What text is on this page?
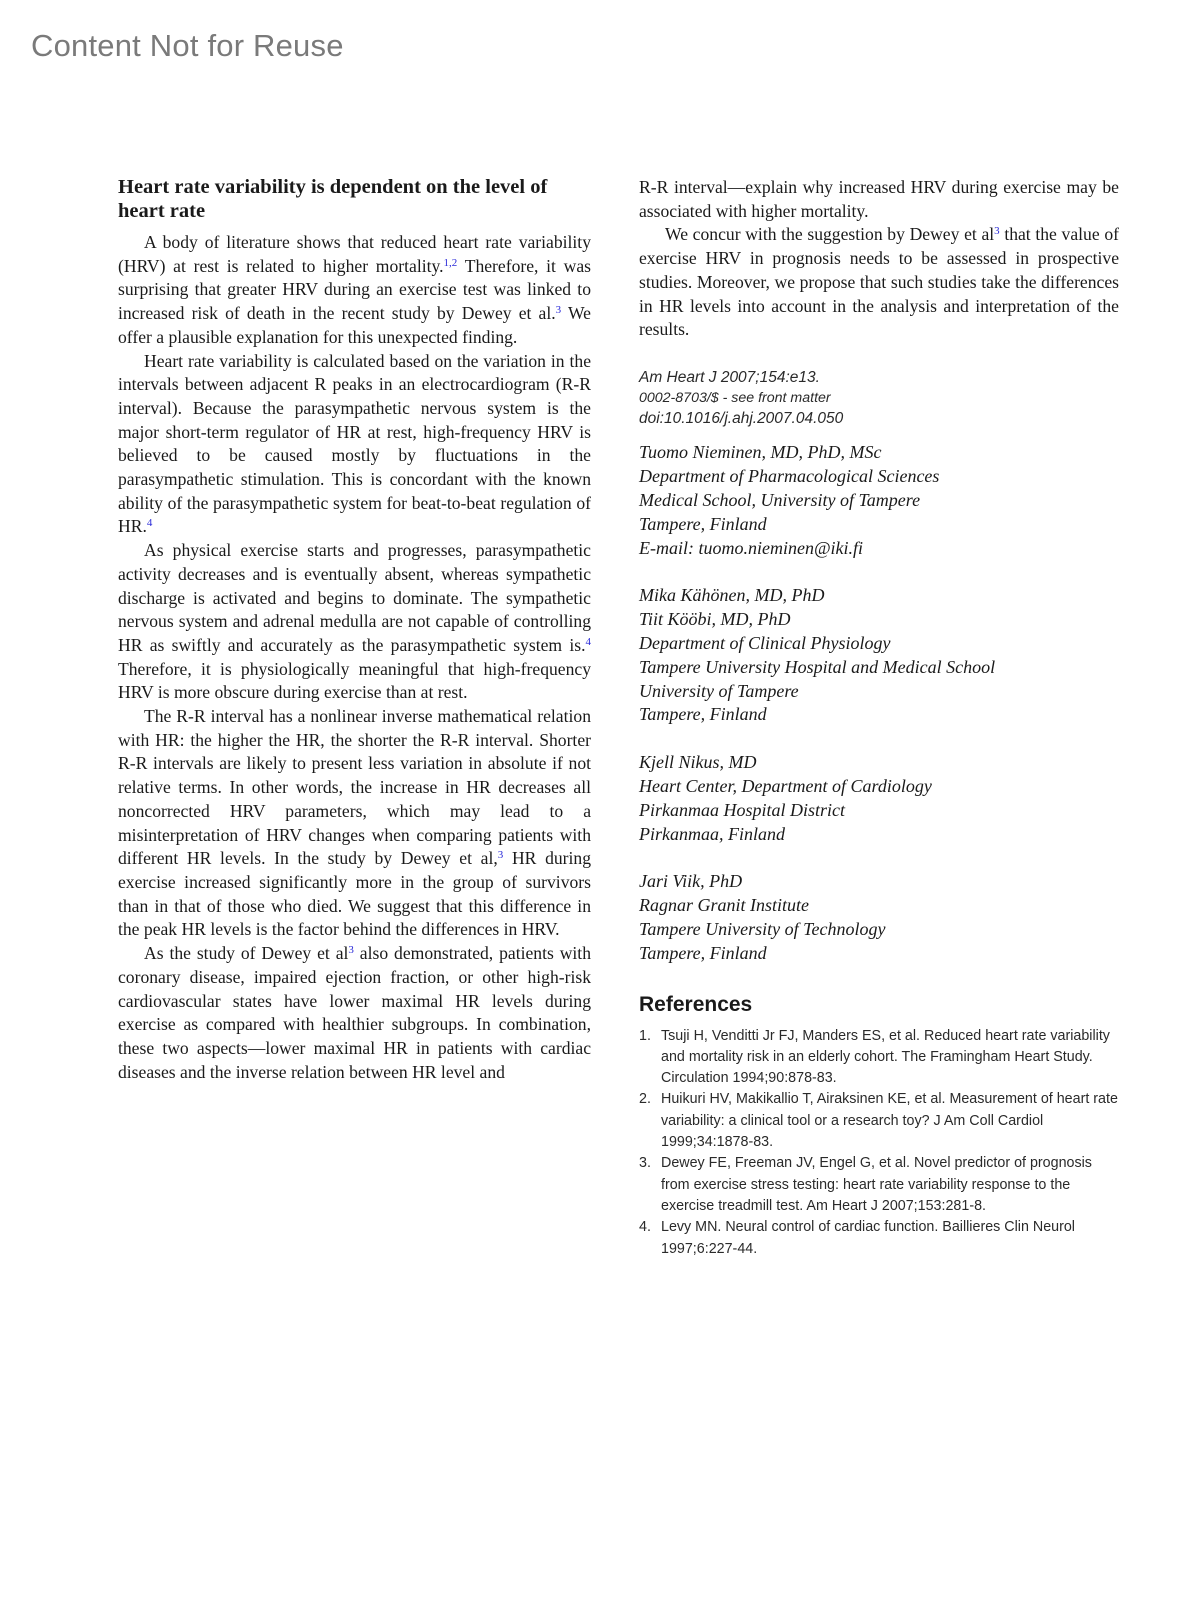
Content Not for Reuse
Heart rate variability is dependent on the level of heart rate

A body of literature shows that reduced heart rate variability (HRV) at rest is related to higher mortality.$^{1,2}$ Therefore, it was surprising that greater HRV during an exercise test was linked to increased risk of death in the recent study by Dewey et al.$^3$ We offer a plausible explanation for this unexpected finding.

Heart rate variability is calculated based on the variation in the intervals between adjacent R peaks in an electrocardiogram (R-R interval). Because the parasympathetic nervous system is the major short-term regulator of HR at rest, high-frequency HRV is believed to be caused mostly by fluctuations in the parasympathetic stimulation. This is concordant with the known ability of the parasympathetic system for beat-to-beat regulation of HR.$^4$

As physical exercise starts and progresses, parasympathetic activity decreases and is eventually absent, whereas sympathetic discharge is activated and begins to dominate. The sympathetic nervous system and adrenal medulla are not capable of controlling HR as swiftly and accurately as the parasympathetic system is.$^4$ Therefore, it is physiologically meaningful that high-frequency HRV is more obscure during exercise than at rest.

The R-R interval has a nonlinear inverse mathematical relation with HR: the higher the HR, the shorter the R-R interval. Shorter R-R intervals are likely to present less variation in absolute if not relative terms. In other words, the increase in HR decreases all noncorrected HRV parameters, which may lead to a misinterpretation of HRV changes when comparing patients with different HR levels. In the study by Dewey et al,$^3$ HR during exercise increased significantly more in the group of survivors than in that of those who died. We suggest that this difference in the peak HR levels is the factor behind the differences in HRV.

As the study of Dewey et al$^3$ also demonstrated, patients with coronary disease, impaired ejection fraction, or other high-risk cardiovascular states have lower maximal HR levels during exercise as compared with healthier subgroups. In combination, these two aspects—lower maximal HR in patients with cardiac diseases and the inverse relation between HR level and

R-R interval—explain why increased HRV during exercise may be associated with higher mortality.

We concur with the suggestion by Dewey et al$^3$ that the value of exercise HRV in prognosis needs to be assessed in prospective studies. Moreover, we propose that such studies take the differences in HR levels into account in the analysis and interpretation of the results.

Am Heart J 2007;154:e13.
0002-8703/$ - see front matter
doi:10.1016/j.ahj.2007.04.050
Tuomo Nieminen, MD, PhD, MSc
Department of Pharmacological Sciences
Medical School, University of Tampere
Tampere, Finland
E-mail: tuomo.nieminen@iki.fi
Mika Kähönen, MD, PhD
Tiit Kööbi, MD, PhD
Department of Clinical Physiology
Tampere University Hospital and Medical School
University of Tampere
Tampere, Finland
Kjell Nikus, MD
Heart Center, Department of Cardiology
Pirkanmaa Hospital District
Pirkanmaa, Finland
Jari Viik, PhD
Ragnar Granit Institute
Tampere University of Technology
Tampere, Finland
References
1. Tsuji H, Venditti Jr FJ, Manders ES, et al. Reduced heart rate variability and mortality risk in an elderly cohort. The Framingham Heart Study. Circulation 1994;90:878-83.
2. Huikuri HV, Makikallio T, Airaksinen KE, et al. Measurement of heart rate variability: a clinical tool or a research toy? J Am Coll Cardiol 1999;34:1878-83.
3. Dewey FE, Freeman JV, Engel G, et al. Novel predictor of prognosis from exercise stress testing: heart rate variability response to the exercise treadmill test. Am Heart J 2007;153:281-8.
4. Levy MN. Neural control of cardiac function. Baillieres Clin Neurol 1997;6:227-44.
